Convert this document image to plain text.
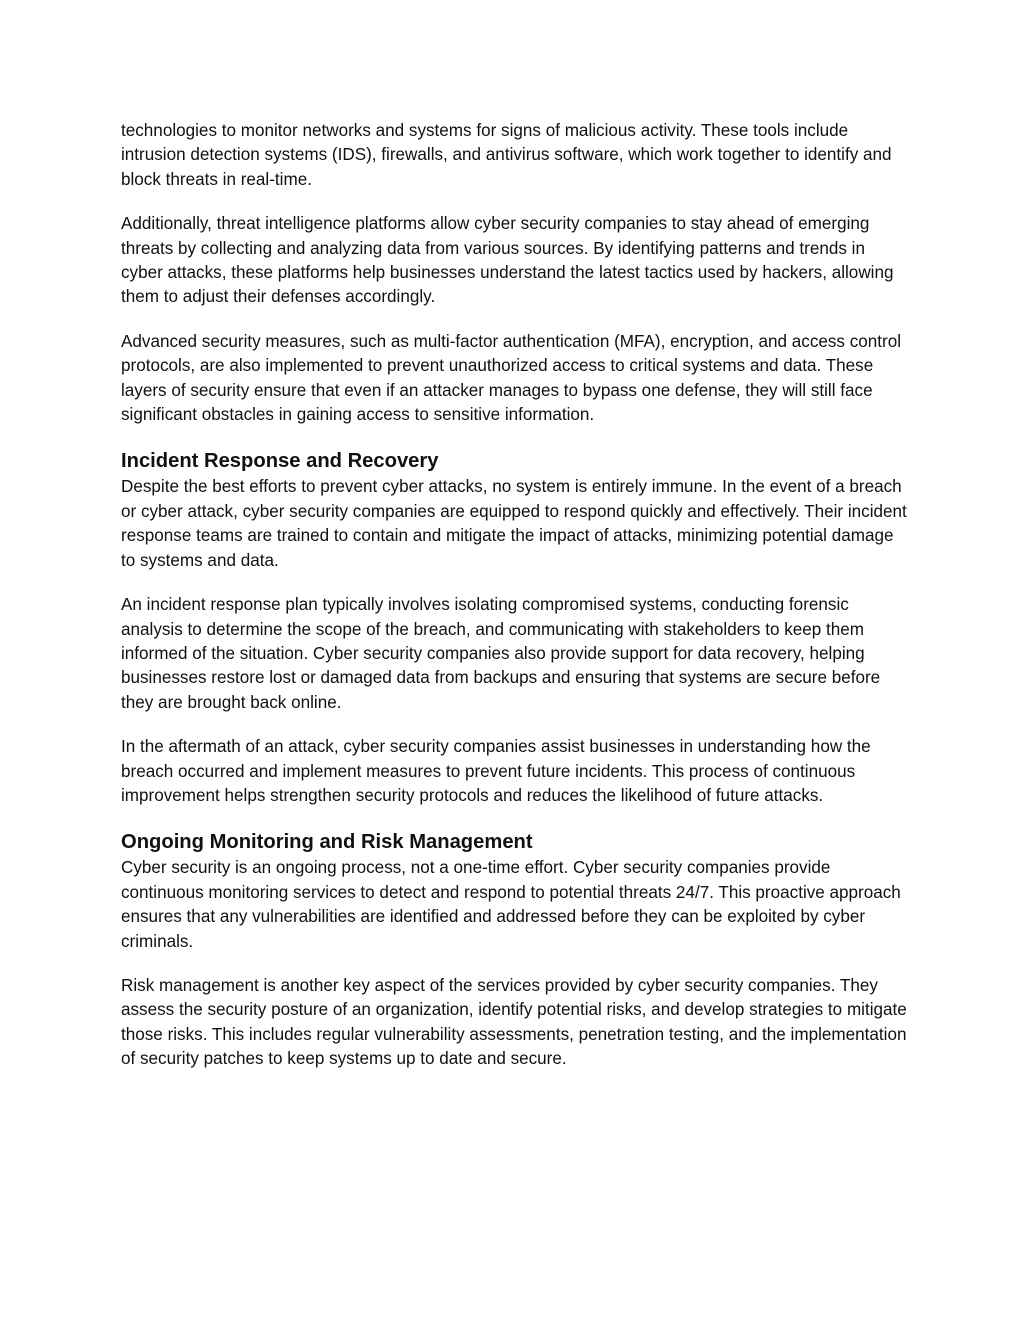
technologies to monitor networks and systems for signs of malicious activity. These tools include intrusion detection systems (IDS), firewalls, and antivirus software, which work together to identify and block threats in real-time.

Additionally, threat intelligence platforms allow cyber security companies to stay ahead of emerging threats by collecting and analyzing data from various sources. By identifying patterns and trends in cyber attacks, these platforms help businesses understand the latest tactics used by hackers, allowing them to adjust their defenses accordingly.

Advanced security measures, such as multi-factor authentication (MFA), encryption, and access control protocols, are also implemented to prevent unauthorized access to critical systems and data. These layers of security ensure that even if an attacker manages to bypass one defense, they will still face significant obstacles in gaining access to sensitive information.

Incident Response and Recovery

Despite the best efforts to prevent cyber attacks, no system is entirely immune. In the event of a breach or cyber attack, cyber security companies are equipped to respond quickly and effectively. Their incident response teams are trained to contain and mitigate the impact of attacks, minimizing potential damage to systems and data.

An incident response plan typically involves isolating compromised systems, conducting forensic analysis to determine the scope of the breach, and communicating with stakeholders to keep them informed of the situation. Cyber security companies also provide support for data recovery, helping businesses restore lost or damaged data from backups and ensuring that systems are secure before they are brought back online.

In the aftermath of an attack, cyber security companies assist businesses in understanding how the breach occurred and implement measures to prevent future incidents. This process of continuous improvement helps strengthen security protocols and reduces the likelihood of future attacks.

Ongoing Monitoring and Risk Management

Cyber security is an ongoing process, not a one-time effort. Cyber security companies provide continuous monitoring services to detect and respond to potential threats 24/7. This proactive approach ensures that any vulnerabilities are identified and addressed before they can be exploited by cyber criminals.

Risk management is another key aspect of the services provided by cyber security companies. They assess the security posture of an organization, identify potential risks, and develop strategies to mitigate those risks. This includes regular vulnerability assessments, penetration testing, and the implementation of security patches to keep systems up to date and secure.
